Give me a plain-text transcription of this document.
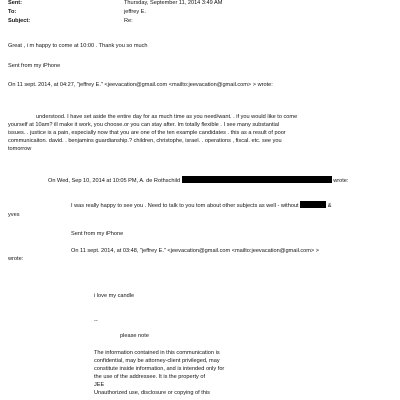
Sent:	Thursday, September 11, 2014 3:49 AM
To:	jeffrey E.
Subject:	Re:
Great , i m happy to come at 10:00 . Thank you so much
Sent from my iPhone
On 11 sept. 2014, at 04:27, "jeffrey E." <jeevacation@gmail.com <mailto:jeevacation@gmail.com> > wrote:
understood. I have set aside the entire day for as much time as you need/want. . if you would like to come
yourself at 10am? ill make it work, you choose.or you can stay after. Im totally flexible . I see many substantial
issues. . justice is a pain, especially now that you are one of the ten example candidates . this as a result of poor
communicaiton. david. . benjamins guardianship.? children, christophe, israel. . operations , fiscal. etc. see you
tomorrow
On Wed, Sep 10, 2014 at 10:05 PM, A. de Rothschild	wrote:
I was really happy to see you . Need to talk to you tom about other subjects as well - without	&
yves
Sent from my iPhone
On 11 sept. 2014, at 03:48, "jeffrey E." <jeevacation@gmail.com <mailto:jeevacation@gmail.com> >
wrote:
i love my candle
--
please note
The information contained in this communication is
confidential, may be attorney-client privileged, may
constitute inside information, and is intended only for
the use of the addressee. It is the property of
JEE
Unauthorized use, disclosure or copying of this
